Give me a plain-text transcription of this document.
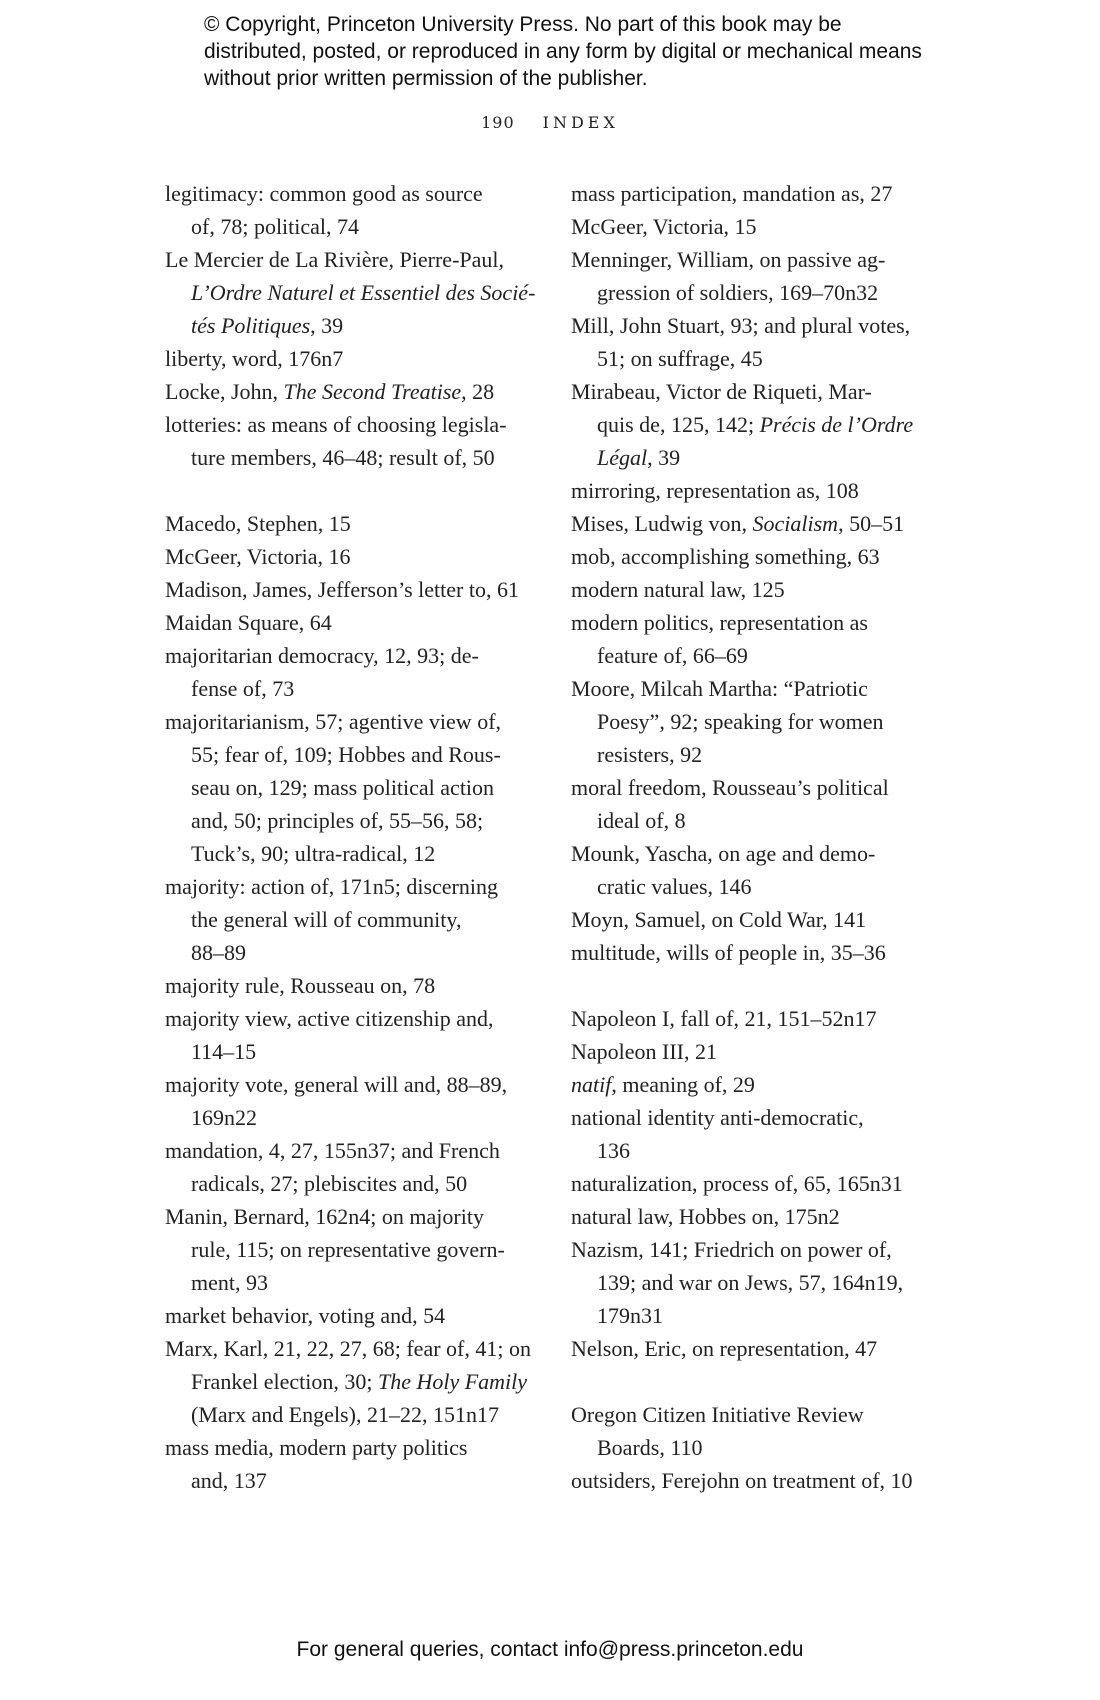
© Copyright, Princeton University Press. No part of this book may be distributed, posted, or reproduced in any form by digital or mechanical means without prior written permission of the publisher.
190 INDEX
legitimacy: common good as source
of, 78; political, 74
Le Mercier de La Rivière, Pierre-Paul,
L’Ordre Naturel et Essentiel des Socié-
tés Politiques, 39
liberty, word, 176n7
Locke, John, The Second Treatise, 28
lotteries: as means of choosing legisla-
ture members, 46–48; result of, 50
Macedo, Stephen, 15
McGeer, Victoria, 16
Madison, James, Jefferson’s letter to, 61
Maidan Square, 64
majoritarian democracy, 12, 93; de-
fense of, 73
majoritarianism, 57; agentive view of,
55; fear of, 109; Hobbes and Rous-
seau on, 129; mass political action
and, 50; principles of, 55–56, 58;
Tuck’s, 90; ultra-radical, 12
majority: action of, 171n5; discerning
the general will of community,
88–89
majority rule, Rousseau on, 78
majority view, active citizenship and,
114–15
majority vote, general will and, 88–89,
169n22
mandation, 4, 27, 155n37; and French
radicals, 27; plebiscites and, 50
Manin, Bernard, 162n4; on majority
rule, 115; on representative govern-
ment, 93
market behavior, voting and, 54
Marx, Karl, 21, 22, 27, 68; fear of, 41; on
Frankel election, 30; The Holy Family
(Marx and Engels), 21–22, 151n17
mass media, modern party politics
and, 137
mass participation, mandation as, 27
McGeer, Victoria, 15
Menninger, William, on passive ag-
gression of soldiers, 169–70n32
Mill, John Stuart, 93; and plural votes,
51; on suffrage, 45
Mirabeau, Victor de Riqueti, Mar-
quis de, 125, 142; Précis de l’Ordre
Légal, 39
mirroring, representation as, 108
Mises, Ludwig von, Socialism, 50–51
mob, accomplishing something, 63
modern natural law, 125
modern politics, representation as
feature of, 66–69
Moore, Milcah Martha: “Patriotic
Poesy”, 92; speaking for women
resisters, 92
moral freedom, Rousseau’s political
ideal of, 8
Mounk, Yascha, on age and demo-
cratic values, 146
Moyn, Samuel, on Cold War, 141
multitude, wills of people in, 35–36
Napoleon I, fall of, 21, 151–52n17
Napoleon III, 21
natif, meaning of, 29
national identity anti-democratic,
136
naturalization, process of, 65, 165n31
natural law, Hobbes on, 175n2
Nazism, 141; Friedrich on power of,
139; and war on Jews, 57, 164n19,
179n31
Nelson, Eric, on representation, 47
Oregon Citizen Initiative Review
Boards, 110
outsiders, Ferejohn on treatment of, 10
For general queries, contact info@press.princeton.edu
